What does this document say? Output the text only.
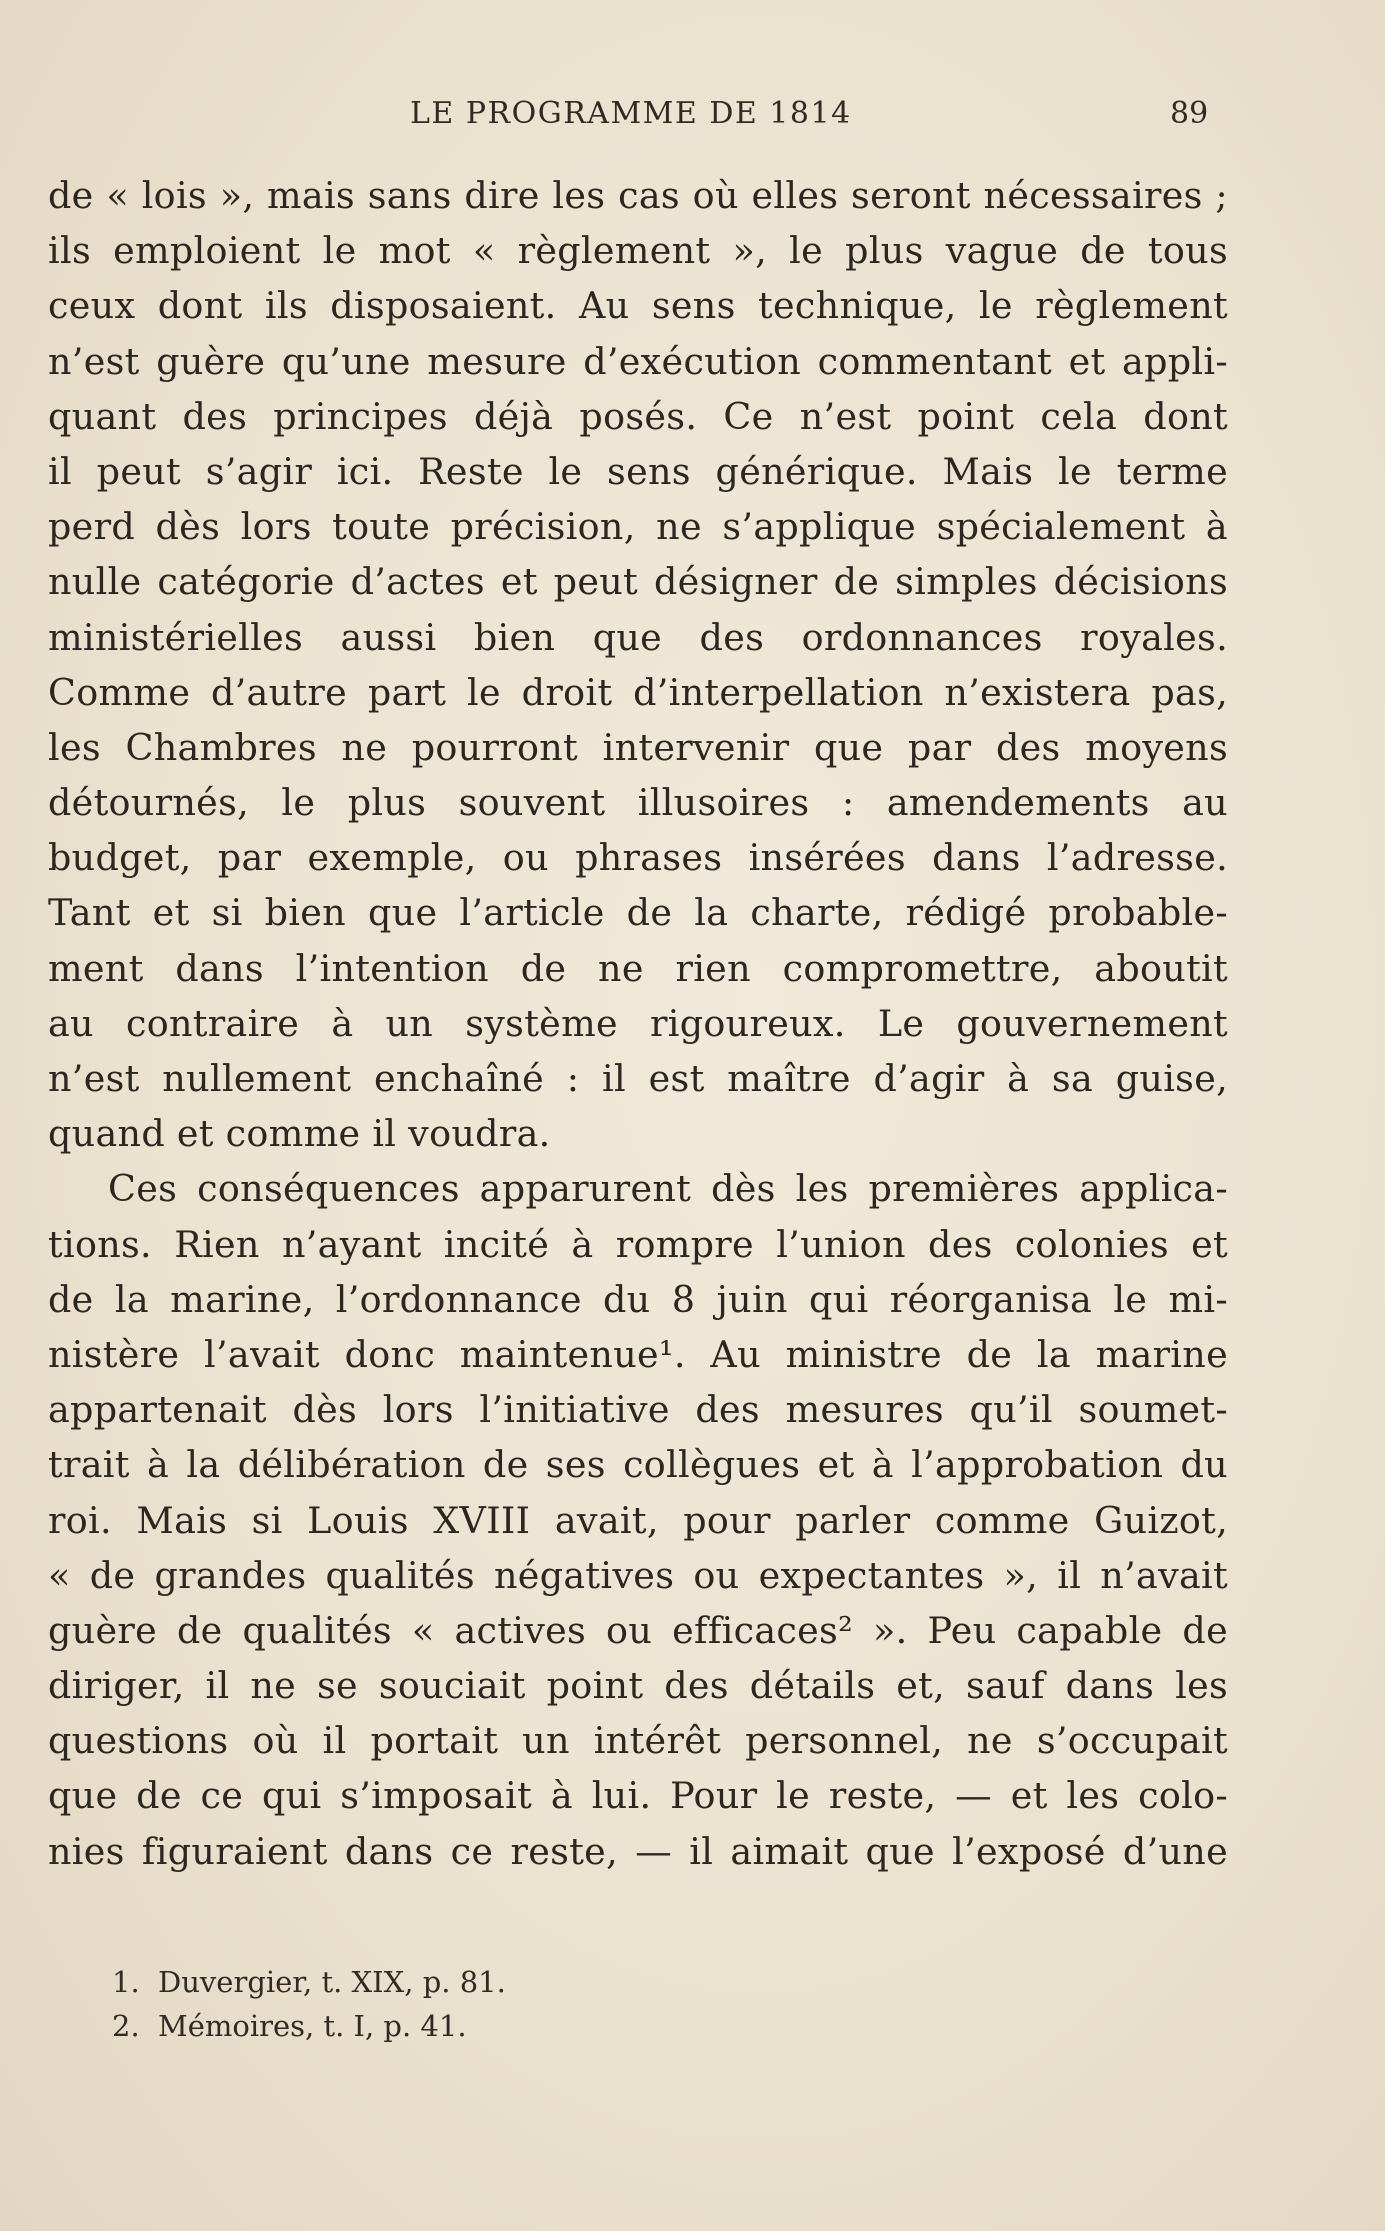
LE PROGRAMME DE 1814	89
de « lois », mais sans dire les cas où elles seront nécessaires ;
ils emploient le mot « règlement », le plus vague de tous
ceux dont ils disposaient. Au sens technique, le règlement
n’est guère qu’une mesure d’exécution commentant et appli-
quant des principes déjà posés. Ce n’est point cela dont
il peut s’agir ici. Reste le sens générique. Mais le terme
perd dès lors toute précision, ne s’applique spécialement à
nulle catégorie d’actes et peut désigner de simples décisions
ministérielles aussi bien que des ordonnances royales.
Comme d’autre part le droit d’interpellation n’existera pas,
les Chambres ne pourront intervenir que par des moyens
détournés, le plus souvent illusoires : amendements au
budget, par exemple, ou phrases insérées dans l’adresse.
Tant et si bien que l’article de la charte, rédigé probable-
ment dans l’intention de ne rien compromettre, aboutit
au contraire à un système rigoureux. Le gouvernement
n’est nullement enchaîné : il est maître d’agir à sa guise,
quand et comme il voudra.
Ces conséquences apparurent dès les premières applica-
tions. Rien n’ayant incité à rompre l’union des colonies et
de la marine, l’ordonnance du 8 juin qui réorganisa le mi-
nistère l’avait donc maintenue¹. Au ministre de la marine
appartenait dès lors l’initiative des mesures qu’il soumet-
trait à la délibération de ses collègues et à l’approbation du
roi. Mais si Louis XVIII avait, pour parler comme Guizot,
« de grandes qualités négatives ou expectantes », il n’avait
guère de qualités « actives ou efficaces² ». Peu capable de
diriger, il ne se souciait point des détails et, sauf dans les
questions où il portait un intérêt personnel, ne s’occupait
que de ce qui s’imposait à lui. Pour le reste, — et les colo-
nies figuraient dans ce reste, — il aimait que l’exposé d’une
1. Duvergier, t. XIX, p. 81.
2. Mémoires, t. I, p. 41.
